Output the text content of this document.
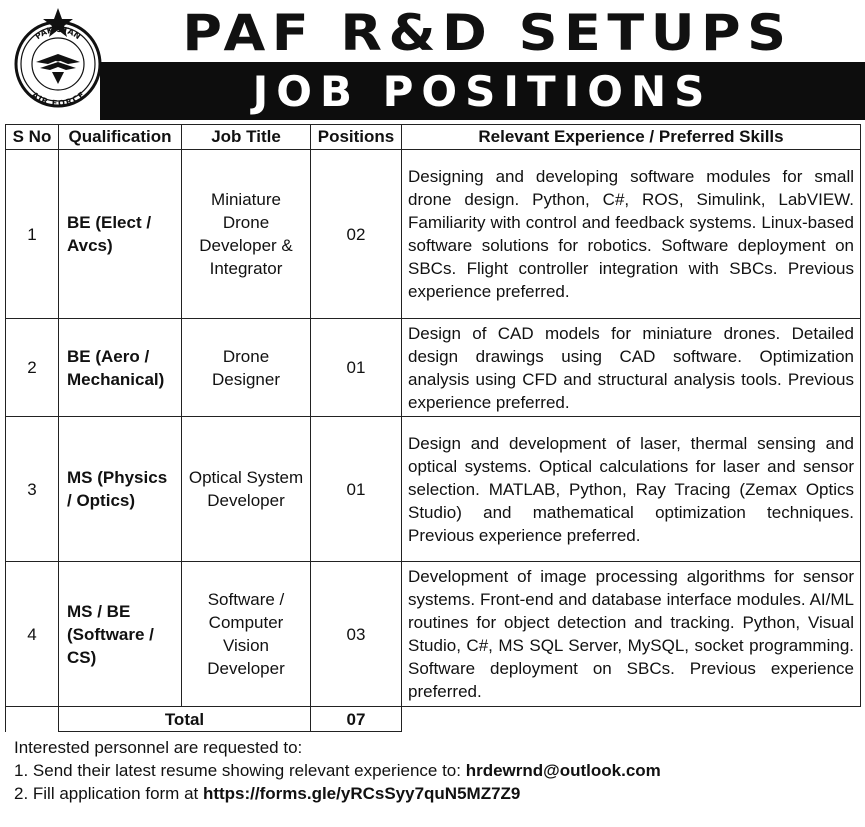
PAKISTAN
AIR FORCE
PAF R&D SETUPS
JOB POSITIONS
S No	Qualification	Job Title	Positions	Relevant Experience / Preferred Skills
1	BE (Elect / Avcs)	Miniature Drone Developer & Integrator	02	Designing and developing software modules for small drone design. Python, C#, ROS, Simulink, LabVIEW. Familiarity with control and feedback systems. Linux-based software solutions for robotics. Software deployment on SBCs. Flight controller integration with SBCs. Previous experience preferred.
2	BE (Aero / Mechanical)	Drone Designer	01	Design of CAD models for miniature drones. Detailed design drawings using CAD software. Optimization analysis using CFD and structural analysis tools. Previous experience preferred.
3	MS (Physics / Optics)	Optical System Developer	01	Design and development of laser, thermal sensing and optical systems. Optical calculations for laser and sensor selection. MATLAB, Python, Ray Tracing (Zemax Optics Studio) and mathematical optimization techniques. Previous experience preferred.
4	MS / BE (Software / CS)	Software / Computer Vision Developer	03	Development of image processing algorithms for sensor systems. Front-end and database interface modules. AI/ML routines for object detection and tracking. Python, Visual Studio, C#, MS SQL Server, MySQL, socket programming. Software deployment on SBCs. Previous experience preferred.
	Total		07	
Interested personnel are requested to:
1. Send their latest resume showing relevant experience to: hrdewrnd@outlook.com
2. Fill application form at https://forms.gle/yRCsSyy7quN5MZ7Z9
